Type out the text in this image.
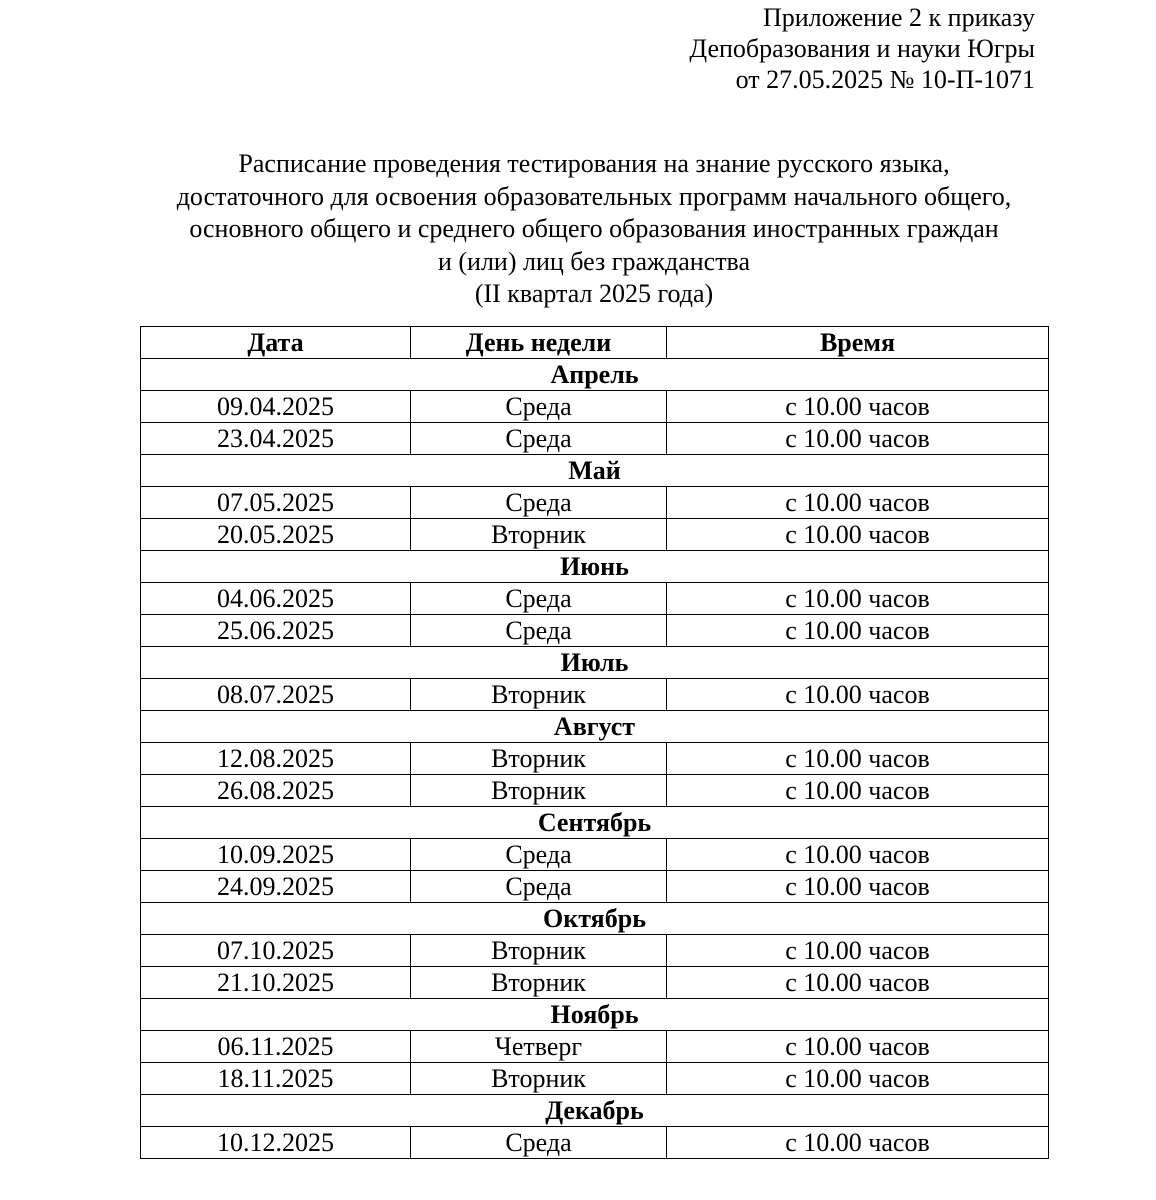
Приложение 2 к приказу
Депобразования и науки Югры
от 27.05.2025 № 10-П-1071
Расписание проведения тестирования на знание русского языка,
достаточного для освоения образовательных программ начального общего,
основного общего и среднего общего образования иностранных граждан
и (или) лиц без гражданства
(II квартал 2025 года)
Дата	День недели	Время
Апрель		
09.04.2025	Среда	с 10.00 часов
23.04.2025	Среда	с 10.00 часов
Май		
07.05.2025	Среда	с 10.00 часов
20.05.2025	Вторник	с 10.00 часов
Июнь		
04.06.2025	Среда	с 10.00 часов
25.06.2025	Среда	с 10.00 часов
Июль		
08.07.2025	Вторник	с 10.00 часов
Август		
12.08.2025	Вторник	с 10.00 часов
26.08.2025	Вторник	с 10.00 часов
Сентябрь		
10.09.2025	Среда	с 10.00 часов
24.09.2025	Среда	с 10.00 часов
Октябрь		
07.10.2025	Вторник	с 10.00 часов
21.10.2025	Вторник	с 10.00 часов
Ноябрь		
06.11.2025	Четверг	с 10.00 часов
18.11.2025	Вторник	с 10.00 часов
Декабрь		
10.12.2025	Среда	с 10.00 часов
